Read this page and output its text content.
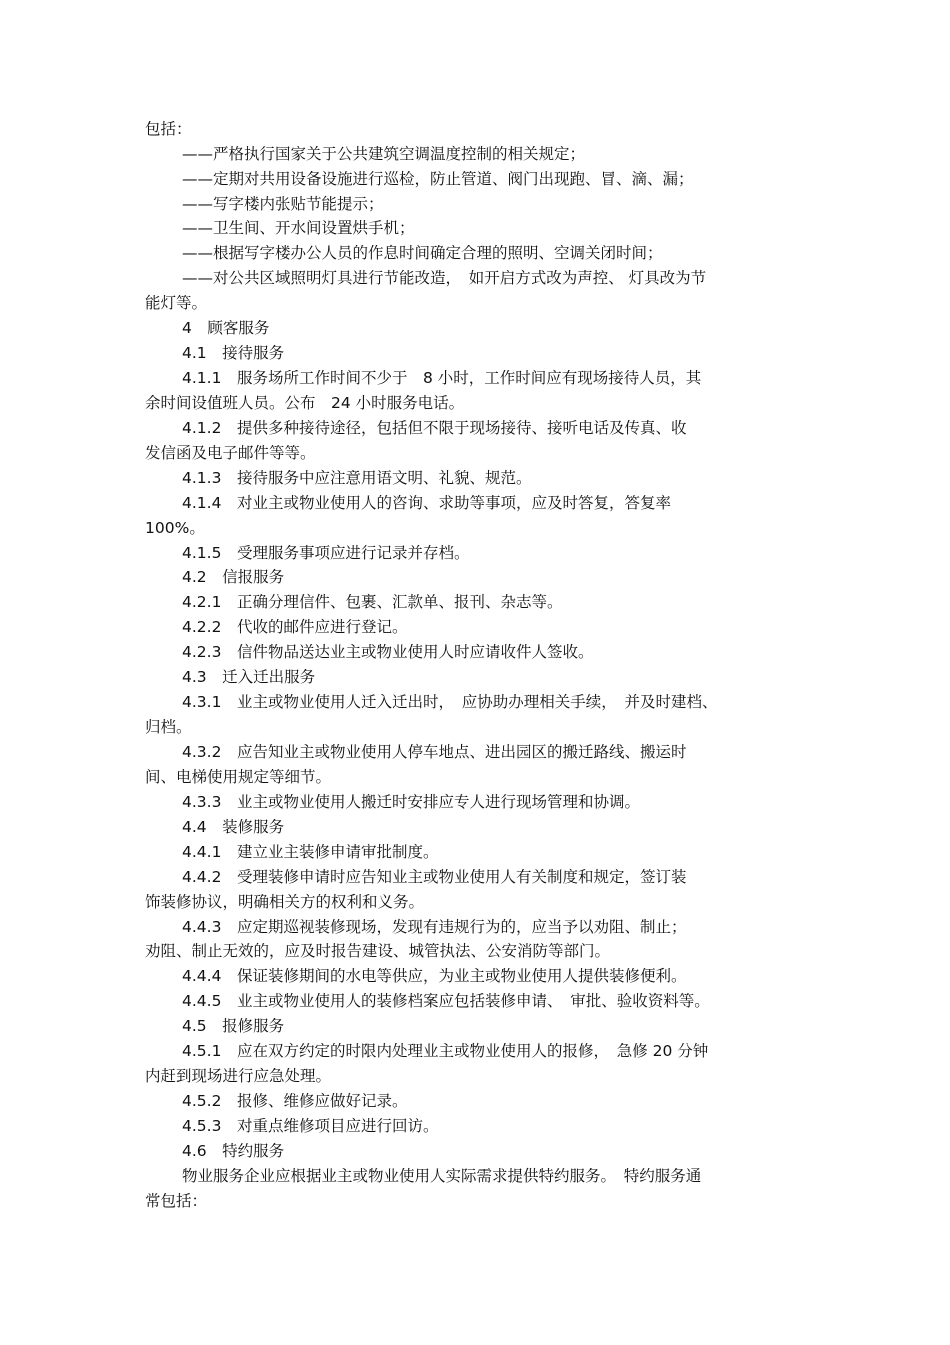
包括：
——严格执行国家关于公共建筑空调温度控制的相关规定；
——定期对共用设备设施进行巡检，防止管道、阀门出现跑、冒、滴、漏；
——写字楼内张贴节能提示；
——卫生间、开水间设置烘手机；
——根据写字楼办公人员的作息时间确定合理的照明、空调关闭时间；
——对公共区域照明灯具进行节能改造，　如开启方式改为声控、 灯具改为节
能灯等。
4　顾客服务
4.1　接待服务
4.1.1　服务场所工作时间不少于　8 小时，工作时间应有现场接待人员，其
余时间设值班人员。公布　24 小时服务电话。
4.1.2　提供多种接待途径，包括但不限于现场接待、接听电话及传真、收
发信函及电子邮件等等。
4.1.3　接待服务中应注意用语文明、礼貌、规范。
4.1.4　对业主或物业使用人的咨询、求助等事项，应及时答复，答复率
100%。
4.1.5　受理服务事项应进行记录并存档。
4.2　信报服务
4.2.1　正确分理信件、包裹、汇款单、报刊、杂志等。
4.2.2　代收的邮件应进行登记。
4.2.3　信件物品送达业主或物业使用人时应请收件人签收。
4.3　迁入迁出服务
4.3.1　业主或物业使用人迁入迁出时，　应协助办理相关手续，　并及时建档、
归档。
4.3.2　应告知业主或物业使用人停车地点、进出园区的搬迁路线、搬运时
间、电梯使用规定等细节。
4.3.3　业主或物业使用人搬迁时安排应专人进行现场管理和协调。
4.4　装修服务
4.4.1　建立业主装修申请审批制度。
4.4.2　受理装修申请时应告知业主或物业使用人有关制度和规定，签订装
饰装修协议，明确相关方的权利和义务。
4.4.3　应定期巡视装修现场，发现有违规行为的，应当予以劝阻、制止；
劝阻、制止无效的，应及时报告建设、城管执法、公安消防等部门。
4.4.4　保证装修期间的水电等供应，为业主或物业使用人提供装修便利。
4.4.5　业主或物业使用人的装修档案应包括装修申请、　审批、验收资料等。
4.5　报修服务
4.5.1　应在双方约定的时限内处理业主或物业使用人的报修，　急修 20 分钟
内赶到现场进行应急处理。
4.5.2　报修、维修应做好记录。
4.5.3　对重点维修项目应进行回访。
4.6　特约服务
物业服务企业应根据业主或物业使用人实际需求提供特约服务。　特约服务通
常包括：
